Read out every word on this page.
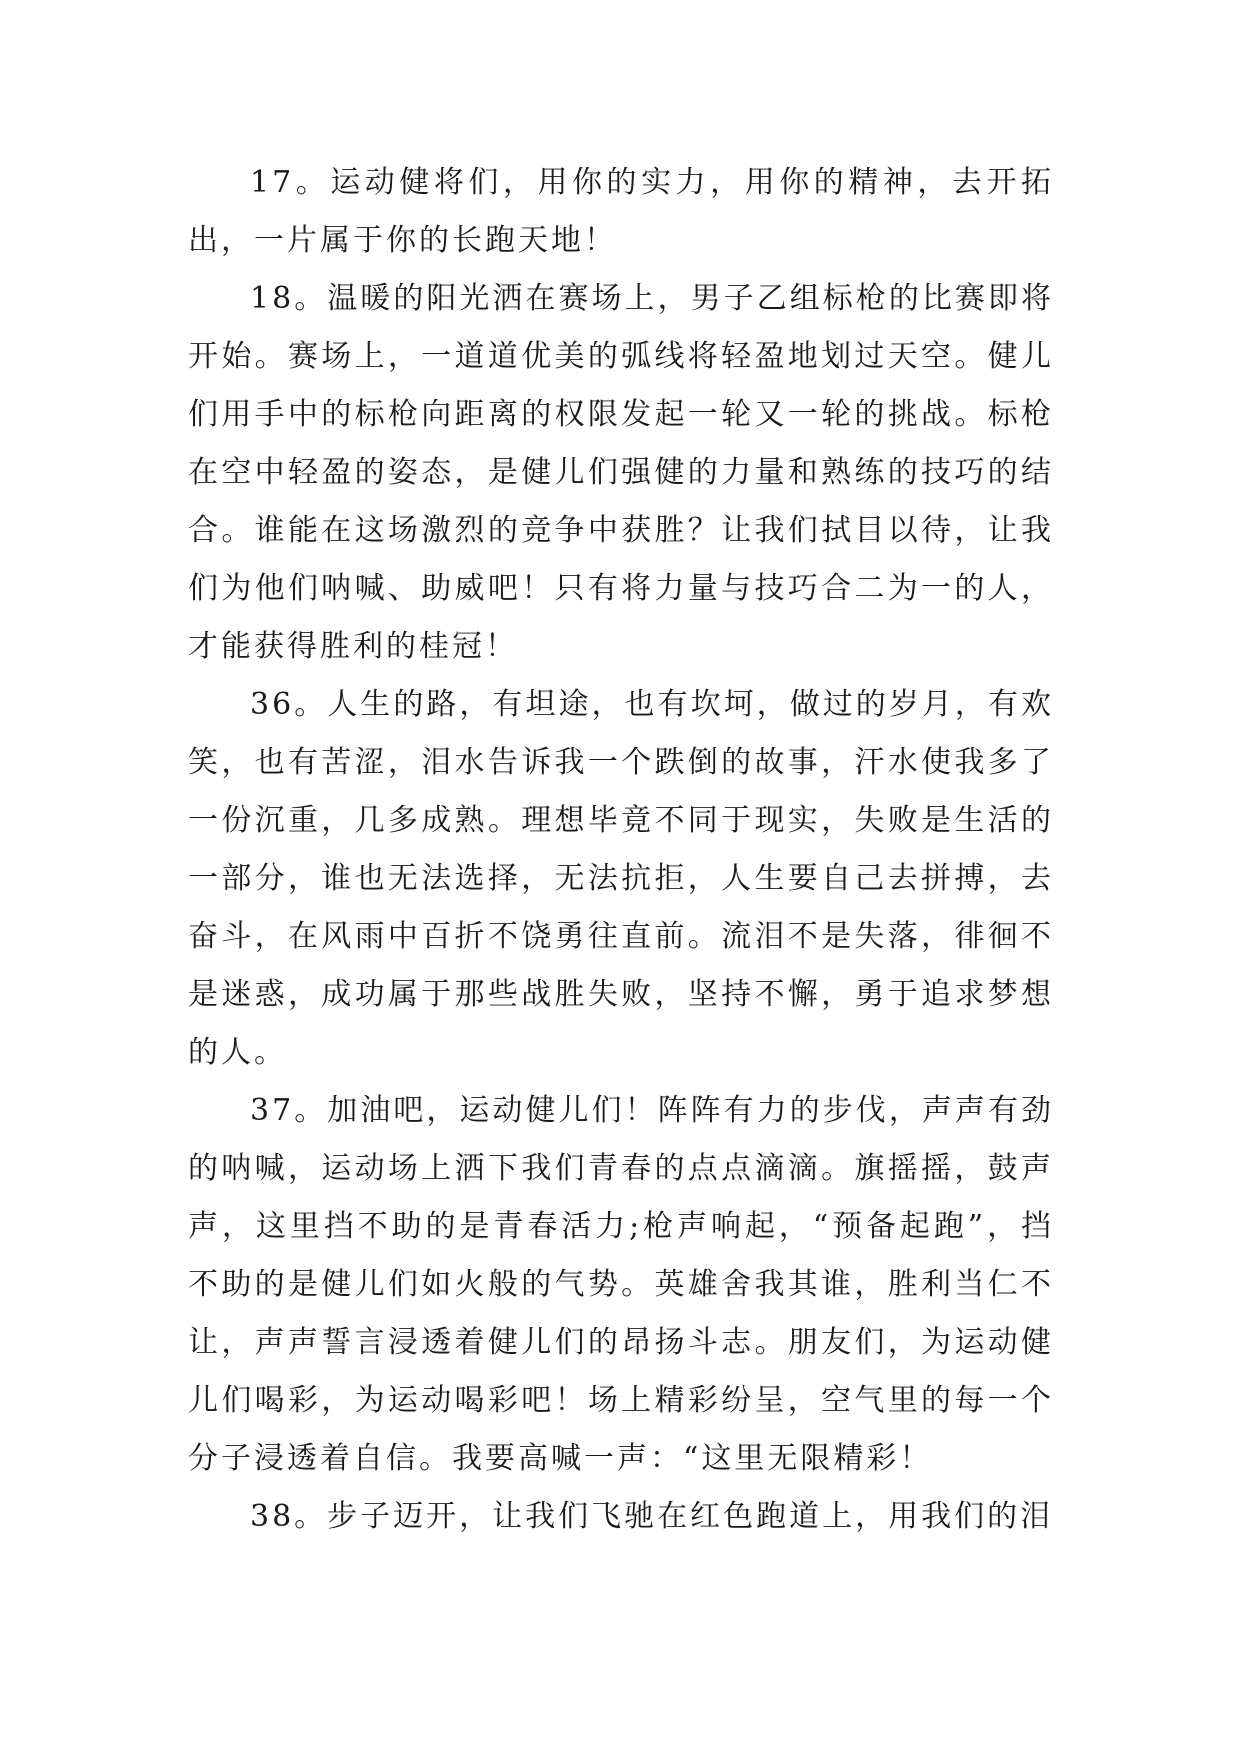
17。运动健将们，用你的实力，用你的精神，去开拓出，一片属于你的长跑天地！

18。温暖的阳光洒在赛场上，男子乙组标枪的比赛即将开始。赛场上，一道道优美的弧线将轻盈地划过天空。健儿们用手中的标枪向距离的权限发起一轮又一轮的挑战。标枪在空中轻盈的姿态，是健儿们强健的力量和熟练的技巧的结合。谁能在这场激烈的竞争中获胜？让我们拭目以待，让我们为他们呐喊、助威吧！只有将力量与技巧合二为一的人，才能获得胜利的桂冠！

36。人生的路，有坦途，也有坎坷，做过的岁月，有欢笑，也有苦涩，泪水告诉我一个跌倒的故事，汗水使我多了一份沉重，几多成熟。理想毕竟不同于现实，失败是生活的一部分，谁也无法选择，无法抗拒，人生要自己去拼搏，去奋斗，在风雨中百折不饶勇往直前。流泪不是失落，徘徊不是迷惑，成功属于那些战胜失败，坚持不懈，勇于追求梦想的人。

37。加油吧，运动健儿们！阵阵有力的步伐，声声有劲的呐喊，运动场上洒下我们青春的点点滴滴。旗摇摇，鼓声声，这里挡不助的是青春活力;枪声响起，“预备起跑”，挡不助的是健儿们如火般的气势。英雄舍我其谁，胜利当仁不让，声声誓言浸透着健儿们的昂扬斗志。朋友们，为运动健儿们喝彩，为运动喝彩吧！场上精彩纷呈，空气里的每一个分子浸透着自信。我要高喊一声：“这里无限精彩！

38。步子迈开，让我们飞驰在红色跑道上，用我们的泪
